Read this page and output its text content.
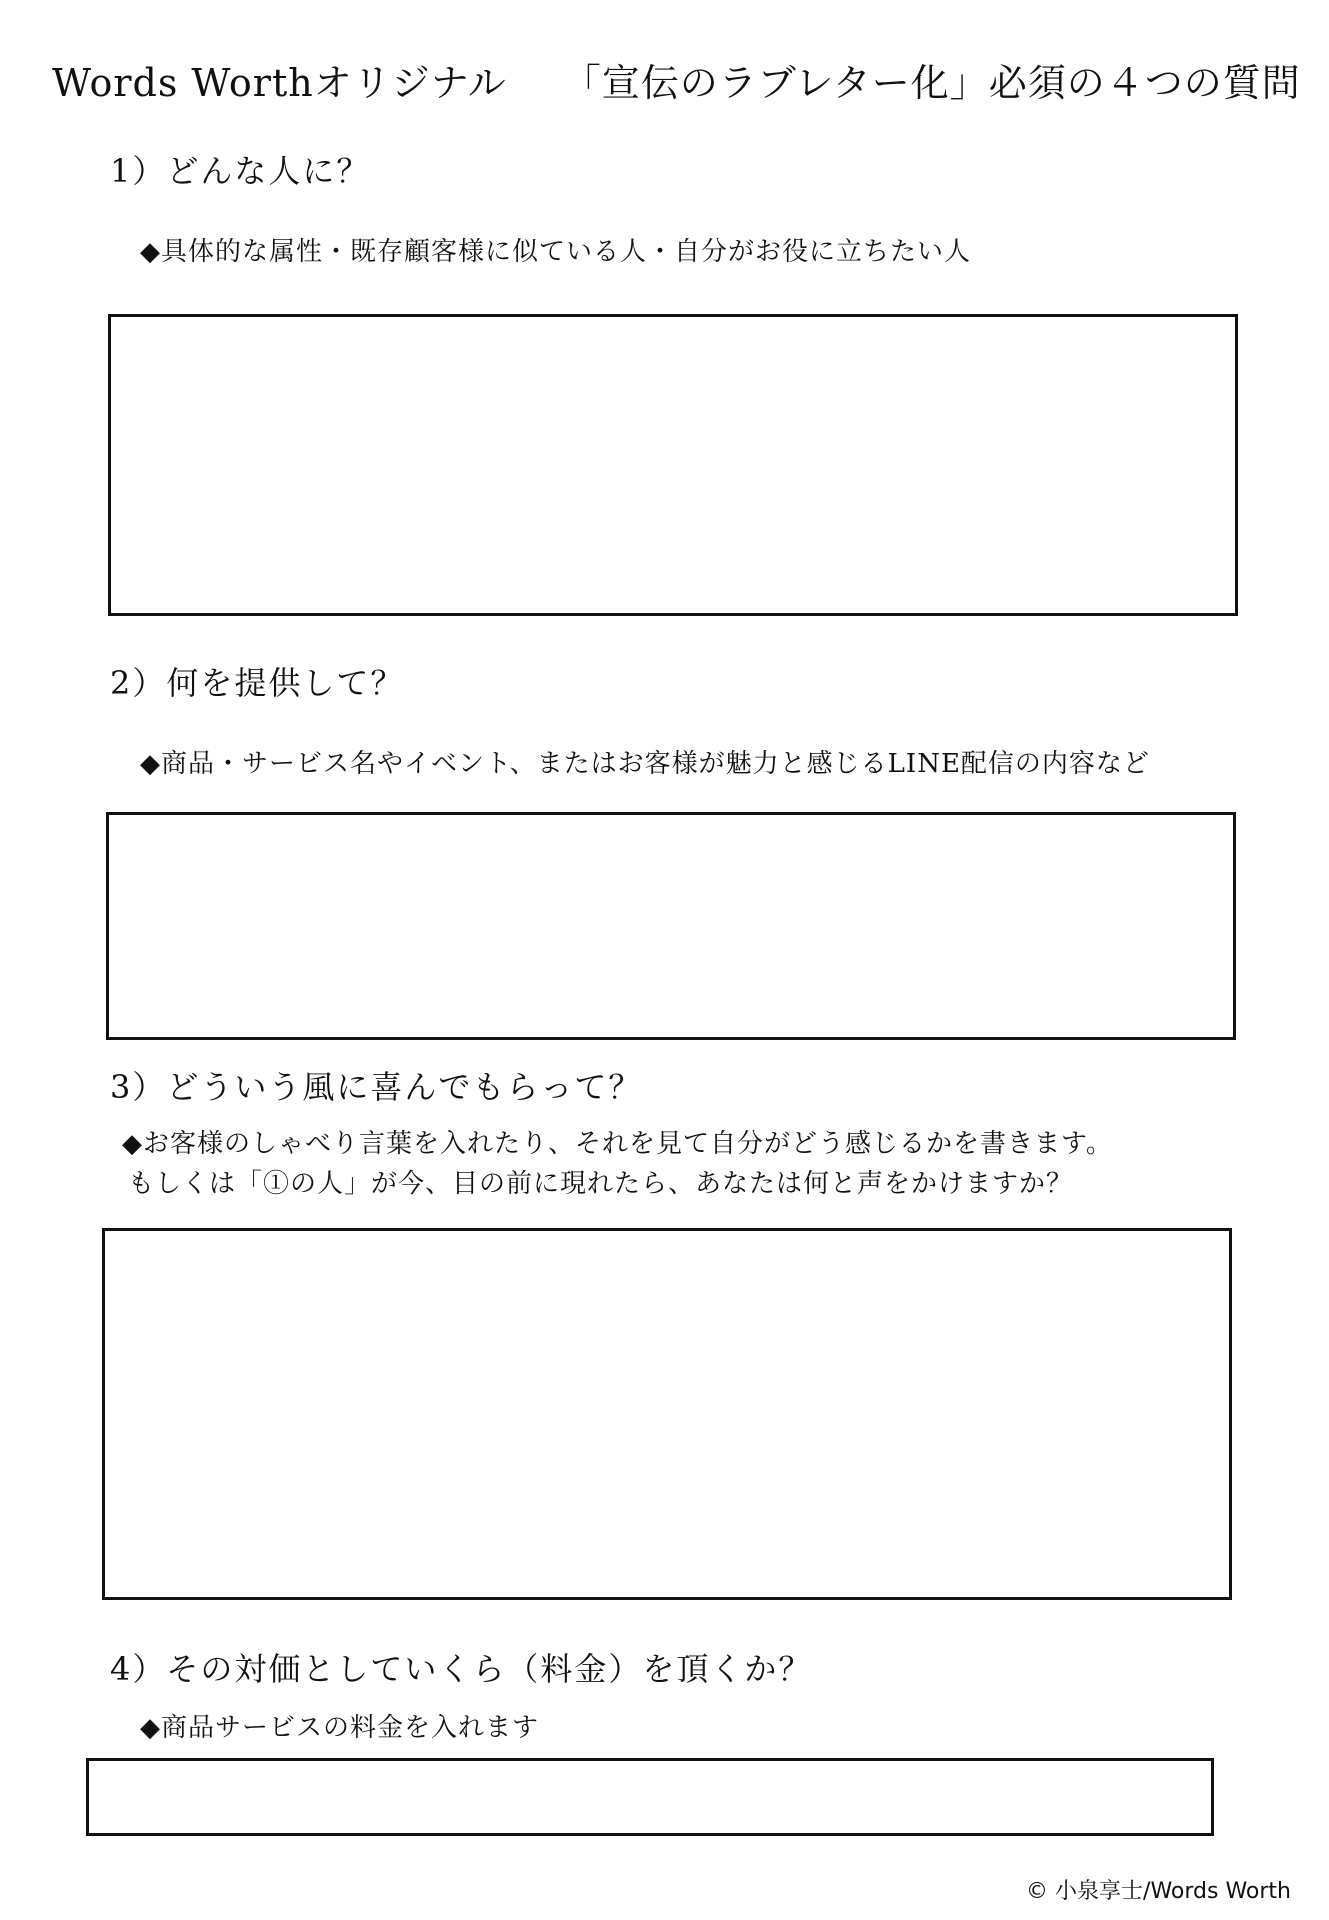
Words Worthオリジナル 「宣伝のラブレター化」必須の４つの質問
1）どんな人に？
◆具体的な属性・既存顧客様に似ている人・自分がお役に立ちたい人
2）何を提供して？
◆商品・サービス名やイベント、またはお客様が魅力と感じるLINE配信の内容など
3）どういう風に喜んでもらって？
◆お客様のしゃべり言葉を入れたり、それを見て自分がどう感じるかを書きます。
もしくは「①の人」が今、目の前に現れたら、あなたは何と声をかけますか？
4）その対価としていくら（料金）を頂くか？
◆商品サービスの料金を入れます
© 小泉享士/Words Worth
